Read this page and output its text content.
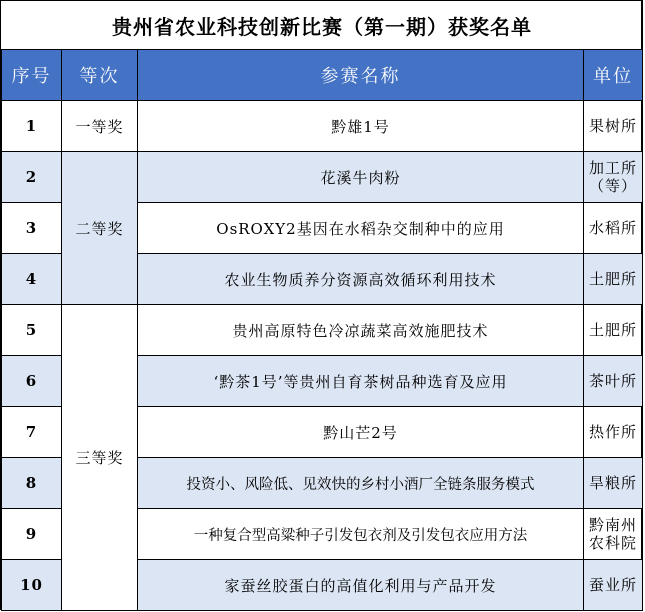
贵州省农业科技创新比赛（第一期）获奖名单			
序号	等次	参赛名称	单位
1	一等奖	黔雄1号	果树所

2	二等奖	花溪牛肉粉	加工所
（等）

3		OsROXY2基因在水稻杂交制种中的应用	水稻所

4		农业生物质养分资源高效循环利用技术	土肥所

5	三等奖	贵州高原特色冷凉蔬菜高效施肥技术	土肥所

6		‘黔茶1号’等贵州自育茶树品种选育及应用	茶叶所

7		黔山芒2号	热作所

8		投资小、风险低、见效快的乡村小酒厂全链条服务模式	旱粮所

9		一种复合型高粱种子引发包衣剂及引发包衣应用方法	黔南州
农科院

10		家蚕丝胶蛋白的高值化利用与产品开发	蚕业所
